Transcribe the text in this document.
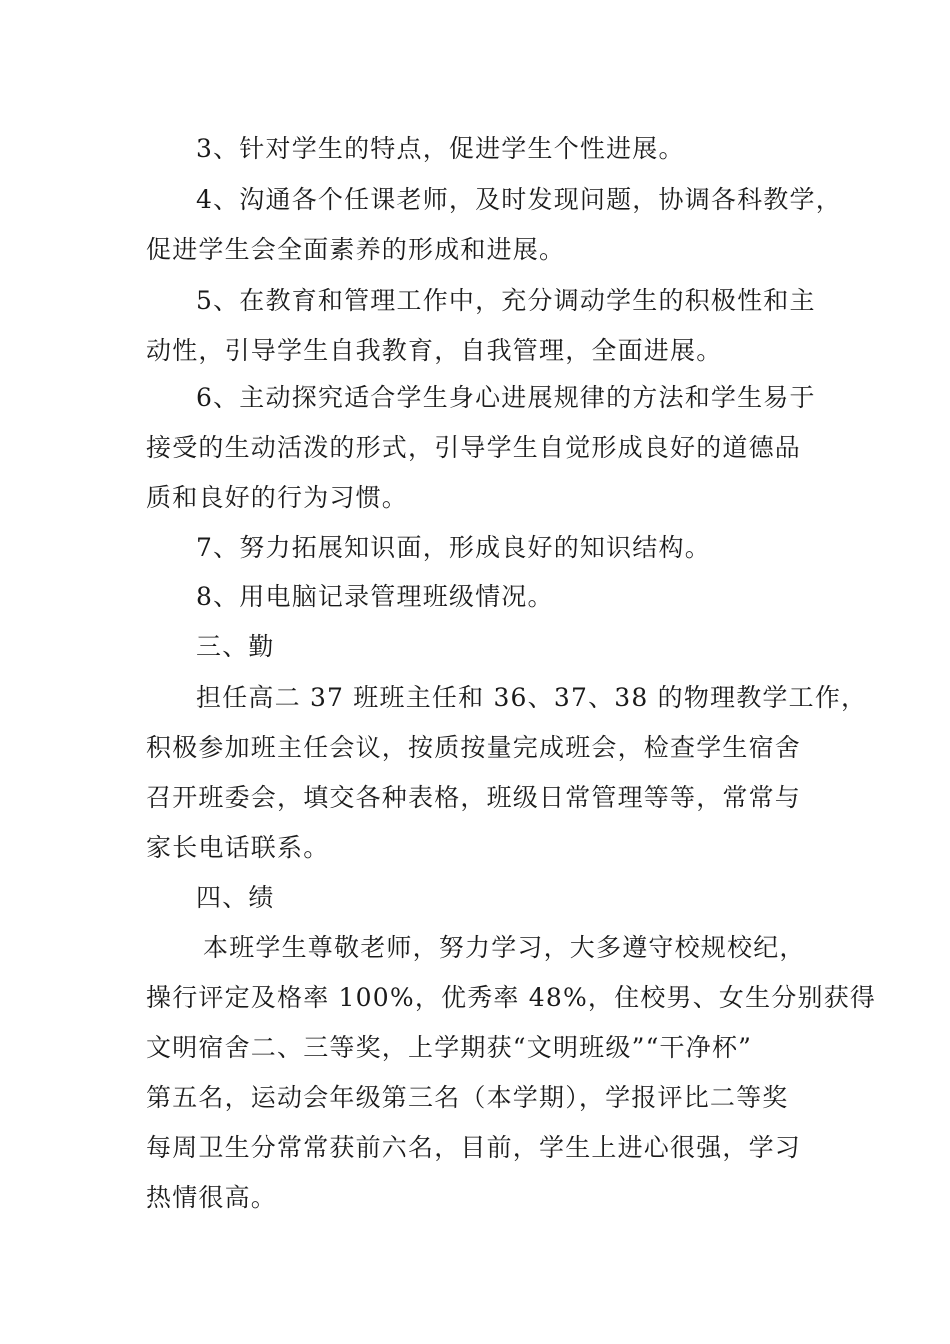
3、针对学生的特点，促进学生个性进展。
4、沟通各个任课老师，及时发现问题，协调各科教学，
促进学生会全面素养的形成和进展。
5、在教育和管理工作中，充分调动学生的积极性和主
动性，引导学生自我教育，自我管理，全面进展。
6、主动探究适合学生身心进展规律的方法和学生易于
接受的生动活泼的形式，引导学生自觉形成良好的道德品
质和良好的行为习惯。
7、努力拓展知识面，形成良好的知识结构。
8、用电脑记录管理班级情况。
三、勤
担任高二 37 班班主任和 36、37、38 的物理教学工作，
积极参加班主任会议，按质按量完成班会，检查学生宿舍
召开班委会，填交各种表格，班级日常管理等等，常常与
家长电话联系。
四、绩
本班学生尊敬老师，努力学习，大多遵守校规校纪，
操行评定及格率 100%，优秀率 48%，住校男、女生分别获得
文明宿舍二、三等奖，上学期获“文明班级”“干净杯”
第五名，运动会年级第三名（本学期），学报评比二等奖
每周卫生分常常获前六名，目前，学生上进心很强，学习
热情很高。
